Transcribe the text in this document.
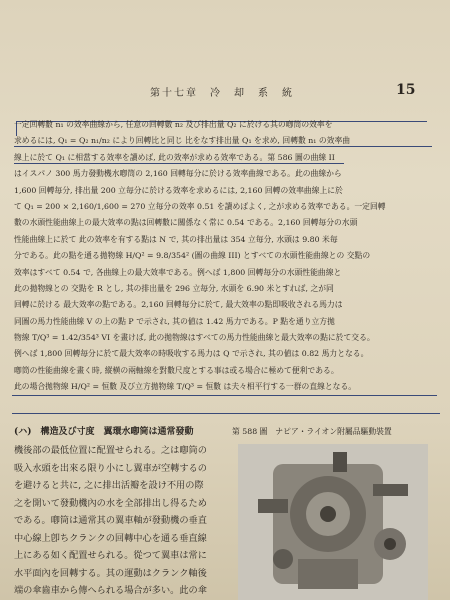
第十七章　冷　却　系　統	15
一定回轉數 n₁ の效率曲線から, 任意の回轉數 n₂ 及び排出量 Q₂ に於ける其の喞筒の效率を
求めるには, Q₁ = Q₂ n₁/n₂ により回轉比と同じ 比をなす排出量 Q₁ を求め, 回轉數 n₁ の效率曲
線上に於て Q₁ に相當する效率を讀めば, 此の效率が求める效率である。第 586 圖の曲線 II
はイスパノ 300 馬力發動機水喞筒の 2,160 回轉毎分に於ける效率曲線である。此の曲線から
1,600 回轉毎分, 排出量 200 立毎分に於ける效率を求めるには, 2,160 回轉の效率曲線上に於
て Q₁ = 200 × 2,160/1,600 = 270 立毎分の效率 0.51 を讀めばよく, 之が求める效率である。一定回轉
數の水頭性能曲線上の最大效率の點は回轉數に關係なく常に 0.54 である。2,160 回轉毎分の水頭
性能曲線上に於て 此の效率を有する點は N で, 其の排出量は 354 立毎分, 水頭は 9.80 米毎
分である。此の點を通る拋物線 H/Q² = 9.8/354² (圖の曲線 III) とすべての水頭性能曲線との 交點の
效率はすべて 0.54 で, 各曲線上の最大效率である。例へば 1,800 回轉毎分の水頭性能曲線と
此の拋物線との 交點を R とし, 其の排出量を 296 立毎分, 水頭を 6.90 米とすれば, 之が同
回轉に於ける 最大效率の點である。2,160 回轉毎分に於て, 最大效率の點即吸收される馬力は
同圖の馬力性能曲線 V の上の點 P で示され, 其の値は 1.42 馬力である。P 點を通り立方拋
物線 T/Q³ = 1.42/354³ VI を畫けば, 此の拋物線はすべての馬力性能曲線と最大效率の點に於て交る。
例へば 1,800 回轉毎分に於て最大效率の時吸收する馬力は Q で示され, 其の値は 0.82 馬力となる。
喞筒の性能曲線を畫く時, 縱横の兩軸線を對數尺度とする事は或る場合に極めて便利である。
此の場合拋物線 H/Q² = 恒數 及び立方拋物線 T/Q³ = 恒數 は夫々相平行する一群の直線となる。
(ハ)　構造及び寸度　翼環水喞筒は通常發動
機後部の最低位置に配置せられる。之は喞筒の
吸入水頭を出來る限り小にし翼車が空轉するの
を避けると共に, 之に排出活瓣を設け不用の際
之を開いて發動機內の水を全部排出し得るため
である。喞筒は通常其の翼車軸が發動機の垂直
中心線上卽ちクランクの回轉中心を通る垂直線
上にある如く配置せられる。從つて翼車は常に
水平面內を回轉する。其の運動はクランク軸後
端の傘齒車から傳へられる場合が多い。此の傘
第 588 圖　ナピア・ライオン附屬品驅動裝置
